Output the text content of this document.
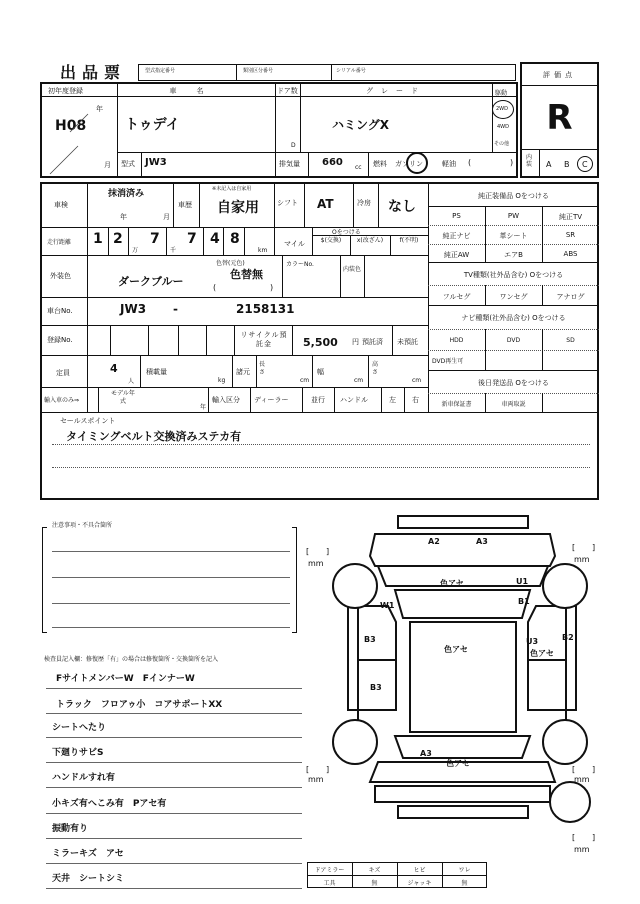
出品票	型式指定番号	類別区分番号	シリアル番号	評価点
R
内装	A B C
初年度登録
H08
年
月
車名
トゥデイ
ドア数
D
グレード
ハミングX
駆動
2WD
4WD
その他
型式 JW3	排気量 660 cc 燃料 ガソリン	軽油 (	)
車検
抹消済み
年	月
車歴
※未記入は自家用
自家用	シフト AT	冷房 なし
走行距離 1 2
万
7
千
7 4 8
km
マイル
Oをつける
$(交換)	x(改ざん)	f(不明)
外装色	ダークブルー
色替(元色)
色替無
(	)
カラーNo.
内装色
車台No.	JW3 -	2158131
登録No.
リサイクル預託金	5,500 円 預託済 未預託
定員	4
人
積載量
kg
諸元
長さ
cm
幅
cm
高さ
cm
輸入車のみ⇒
モデル年式
年
輸入区分 ディーラー	並行 ハンドル	左 右
純正装備品 Oをつける
PS	PW	純正TV
純正ナビ	革シート	SR
純正AW	エアB	ABS
TV種類(社外品含む) Oをつける
フルセグ	ワンセグ	アナログ
ナビ種類(社外品含む) Oをつける
HDD	DVD	SD
DVD再生可
後日発送品 Oをつける
新車保証書	車両取説
セールスポイント
タイミングベルト交換済みステカ有
注意事項・不具合箇所
検査員記入欄：修復歴「有」の場合は修復箇所・交換箇所を記入
FサイトメンバーW　FインナーW
トラック　フロアゥ小　コアサポートXX
シートへたり
下廻りサビS
ハンドルすれ有
小キズ有へこみ有　Pアセ有
振動有り
ミラーキズ　アセ
天井　シートシミ
[ ]
mm
[ ]
mm
[ ]
mm
[ ]
mm
[ ]
mm
A2	A3
色アセ	U1
B1
W1
B3
色アセ
U3
色アセ
B2
B3
A3
色アセ
ドアミラー	キズ	ヒビ	ワレ
工具	無	ジャッキ	無
